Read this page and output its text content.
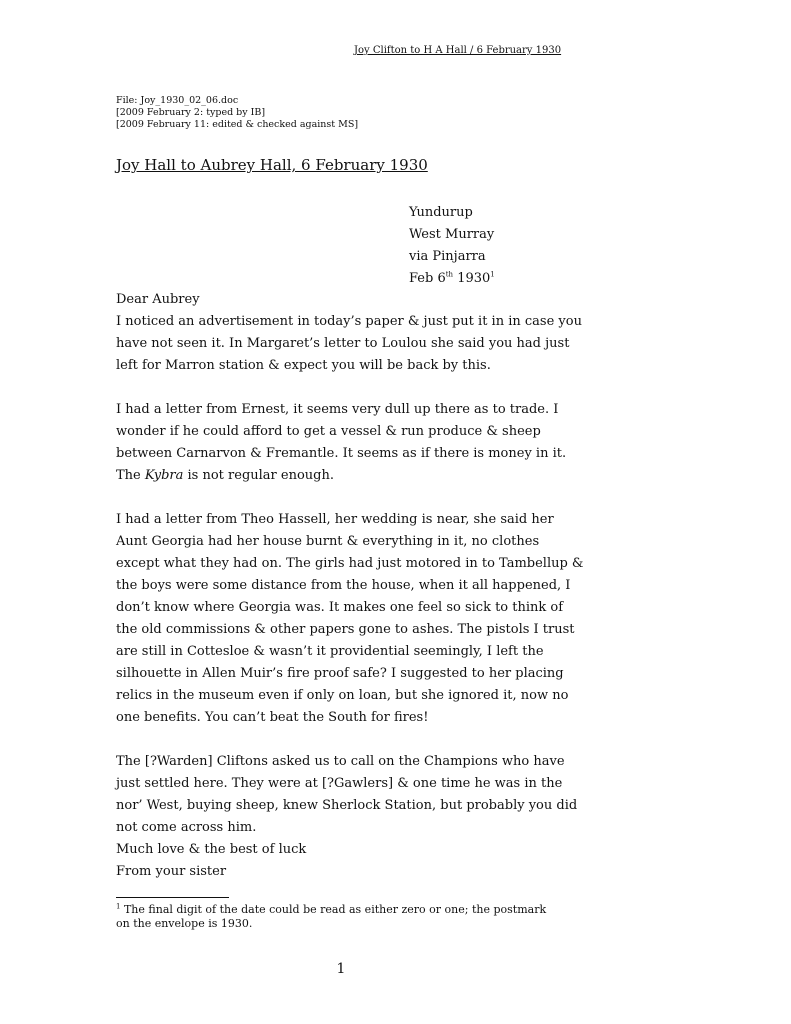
Joy Clifton to H A Hall / 6 February 1930
File: Joy_1930_02_06.doc
[2009 February 2: typed by IB]
[2009 February 11: edited & checked against MS]
Joy Hall to Aubrey Hall, 6 February 1930
Yundurup
West Murray
via Pinjarra
Feb 6th 1930$^1$
Dear Aubrey
I noticed an advertisement in today’s paper & just put it in in case you
have not seen it. In Margaret’s letter to Loulou she said you had just
left for Marron station & expect you will be back by this.
I had a letter from Ernest, it seems very dull up there as to trade. I
wonder if he could afford to get a vessel & run produce & sheep
between Carnarvon & Fremantle. It seems as if there is money in it.
The Kybra is not regular enough.
I had a letter from Theo Hassell, her wedding is near, she said her
Aunt Georgia had her house burnt & everything in it, no clothes
except what they had on. The girls had just motored in to Tambellup &
the boys were some distance from the house, when it all happened, I
don’t know where Georgia was. It makes one feel so sick to think of
the old commissions & other papers gone to ashes. The pistols I trust
are still in Cottesloe & wasn’t it providential seemingly, I left the
silhouette in Allen Muir’s fire proof safe? I suggested to her placing
relics in the museum even if only on loan, but she ignored it, now no
one benefits. You can’t beat the South for fires!
The [?Warden] Cliftons asked us to call on the Champions who have
just settled here. They were at [?Gawlers] & one time he was in the
nor’ West, buying sheep, knew Sherlock Station, but probably you did
not come across him.
Much love & the best of luck
From your sister
$^1$ The final digit of the date could be read as either zero or one; the postmark
on the envelope is 1930.
1
